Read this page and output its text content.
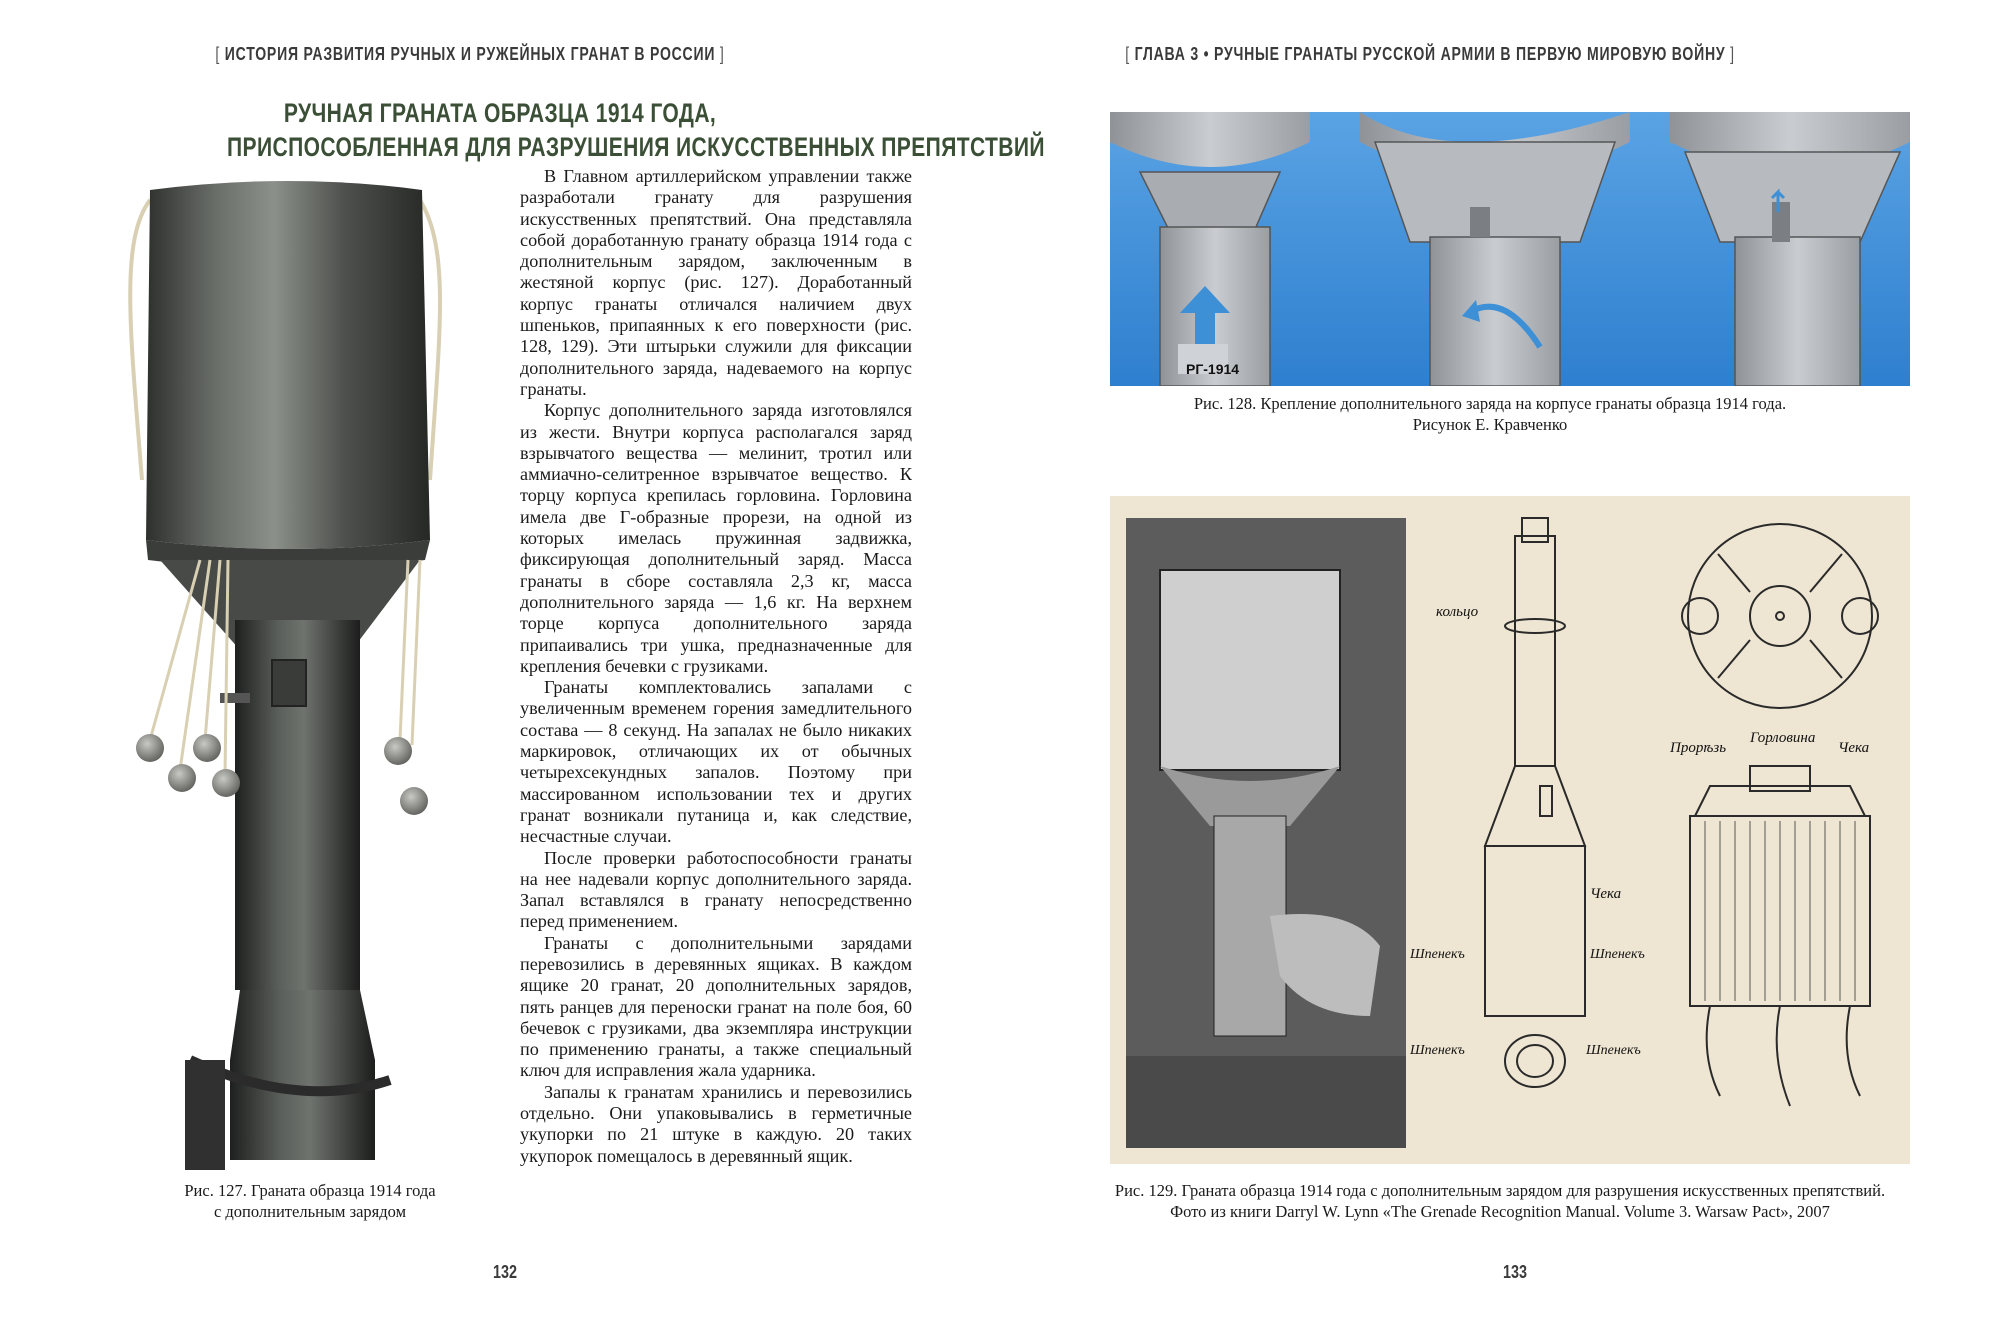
[ ИСТОРИЯ РАЗВИТИЯ РУЧНЫХ И РУЖЕЙНЫХ ГРАНАТ В РОССИИ ]
РУЧНАЯ ГРАНАТА ОБРАЗЦА 1914 ГОДА,
ПРИСПОСОБЛЕННАЯ ДЛЯ РАЗРУШЕНИЯ ИСКУССТВЕННЫХ ПРЕПЯТСТВИЙ

В Главном артиллерийском управлении также разработали гранату для разрушения искусственных препятствий. Она представляла собой доработанную гранату образца 1914 года с дополнительным зарядом, заключенным в жестяной корпус (рис. 127). Доработанный корпус гранаты отличался наличием двух шпеньков, припаянных к его поверхности (рис. 128, 129). Эти штырьки служили для фиксации дополнительного заряда, надеваемого на корпус гранаты.

Корпус дополнительного заряда изготовлялся из жести. Внутри корпуса располагался заряд взрывчатого вещества — мелинит, тротил или аммиачно-селитренное взрывчатое вещество. К торцу корпуса крепилась горловина. Горловина имела две Г-образные прорези, на одной из которых имелась пружинная задвижка, фиксирующая дополнительный заряд. Масса гранаты в сборе составляла 2,3 кг, масса дополнительного заряда — 1,6 кг. На верхнем торце корпуса дополнительного заряда припаивались три ушка, предназначенные для крепления бечевки с грузиками.

Гранаты комплектовались запалами с увеличенным временем горения замедлительного состава — 8 секунд. На запалах не было никаких маркировок, отличающих их от обычных четырехсекундных запалов. Поэтому при массированном использовании тех и других гранат возникали путаница и, как следствие, несчастные случаи.

После проверки работоспособности гранаты на нее надевали корпус дополнительного заряда. Запал вставлялся в гранату непосредственно перед применением.

Гранаты с дополнительными зарядами перевозились в деревянных ящиках. В каждом ящике 20 гранат, 20 дополнительных зарядов, пять ранцев для переноски гранат на поле боя, 60 бечевок с грузиками, два экземпляра инструкции по применению гранаты, а также специальный ключ для исправления жала ударника.

Запалы к гранатам хранились и перевозились отдельно. Они упаковывались в герметичные укупорки по 21 штуке в каждую. 20 таких укупорок помещалось в деревянный ящик.

Рис. 127. Граната образца 1914 года
с дополнительным зарядом
132
[ ГЛАВА 3 • РУЧНЫЕ ГРАНАТЫ РУССКОЙ АРМИИ В ПЕРВУЮ МИРОВУЮ ВОЙНУ ]
РГ-1914
Рис. 128. Крепление дополнительного заряда на корпусе гранаты образца 1914 года.
Рисунок Е. Кравченко
кольцо
Чека
Шпенекъ	Шпенекъ
Шпенекъ	Шпенекъ
Прорѣзь
Горловина
Чека
Рис. 129. Граната образца 1914 года с дополнительным зарядом для разрушения искусственных препятствий.
Фото из книги Darryl W. Lynn «The Grenade Recognition Manual. Volume 3. Warsaw Pact», 2007
133
